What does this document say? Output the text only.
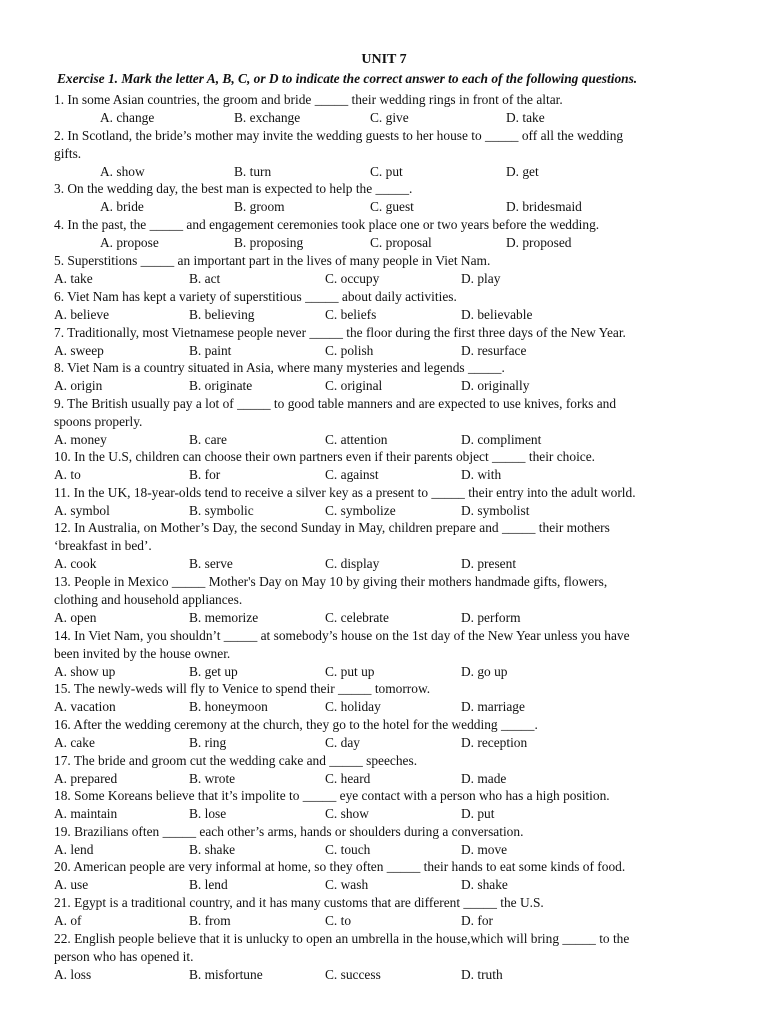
UNIT 7
Exercise 1. Mark the letter A, B, C, or D to indicate the correct answer to each of the following questions.
1. In some Asian countries, the groom and bride _____ their wedding rings in front of the altar.
A. change	B. exchange	C. give	D. take
2. In Scotland, the bride’s mother may invite the wedding guests to her house to _____ off all the wedding
gifts.
A. show	B. turn	C. put	D. get
3. On the wedding day, the best man is expected to help the _____.
A. bride	B. groom	C. guest	D. bridesmaid
4. In the past, the _____ and engagement ceremonies took place one or two years before the wedding.
A. propose	B. proposing	C. proposal	D. proposed
5. Superstitions _____ an important part in the lives of many people in Viet Nam.
A. take	B. act	C. occupy	D. play
6. Viet Nam has kept a variety of superstitious _____ about daily activities.
A. believe	B. believing	C. beliefs	D. believable
7. Traditionally, most Vietnamese people never _____ the floor during the first three days of the New Year.
A. sweep	B. paint	C. polish	D. resurface
8. Viet Nam is a country situated in Asia, where many mysteries and legends _____.
A. origin	B. originate	C. original	D. originally
9. The British usually pay a lot of _____ to good table manners and are expected to use knives, forks and
spoons properly.
A. money	B. care	C. attention	D. compliment
10. In the U.S, children can choose their own partners even if their parents object _____ their choice.
A. to	B. for	C. against	D. with
11. In the UK, 18-year-olds tend to receive a silver key as a present to _____ their entry into the adult world.
A. symbol	B. symbolic	C. symbolize	D. symbolist
12. In Australia, on Mother’s Day, the second Sunday in May, children prepare and _____ their mothers
‘breakfast in bed’.
A. cook	B. serve	C. display	D. present
13. People in Mexico _____ Mother's Day on May 10 by giving their mothers handmade gifts, flowers,
clothing and household appliances.
A. open	B. memorize	C. celebrate	D. perform
14. In Viet Nam, you shouldn’t _____ at somebody’s house on the 1st day of the New Year unless you have
been invited by the house owner.
A. show up	B. get up	C. put up	D. go up
15. The newly-weds will fly to Venice to spend their _____ tomorrow.
A. vacation	B. honeymoon	C. holiday	D. marriage
16. After the wedding ceremony at the church, they go to the hotel for the wedding _____.
A. cake	B. ring	C. day	D. reception
17. The bride and groom cut the wedding cake and _____ speeches.
A. prepared	B. wrote	C. heard	D. made
18. Some Koreans believe that it’s impolite to _____ eye contact with a person who has a high position.
A. maintain	B. lose	C. show	D. put
19. Brazilians often _____ each other’s arms, hands or shoulders during a conversation.
A. lend	B. shake	C. touch	D. move
20. American people are very informal at home, so they often _____ their hands to eat some kinds of food.
A. use	B. lend	C. wash	D. shake
21. Egypt is a traditional country, and it has many customs that are different _____ the U.S.
A. of	B. from	C. to	D. for
22. English people believe that it is unlucky to open an umbrella in the house,which will bring _____ to the
person who has opened it.
A. loss	B. misfortune	C. success	D. truth
